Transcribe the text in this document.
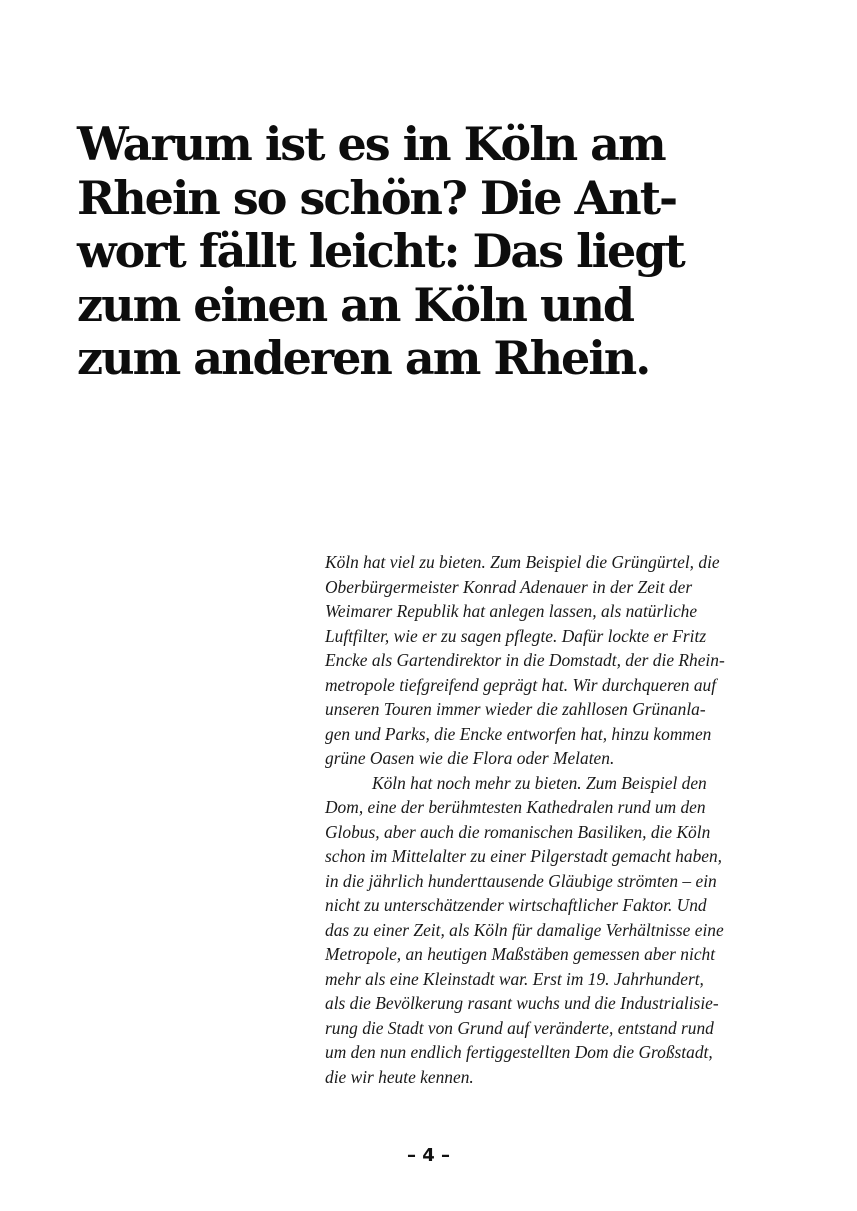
Warum ist es in Köln am
Rhein so schön? Die Ant-
wort fällt leicht: Das liegt
zum einen an Köln und
zum anderen am Rhein.
Köln hat viel zu bieten. Zum Beispiel die Grüngürtel, die
Oberbürgermeister Konrad Adenauer in der Zeit der
Weimarer Republik hat anlegen lassen, als natürliche
Luftfilter, wie er zu sagen pflegte. Dafür lockte er Fritz
Encke als Gartendirektor in die Domstadt, der die Rhein-
metropole tiefgreifend geprägt hat. Wir durchqueren auf
unseren Touren immer wieder die zahllosen Grünanla-
gen und Parks, die Encke entworfen hat, hinzu kommen
grüne Oasen wie die Flora oder Melaten.
Köln hat noch mehr zu bieten. Zum Beispiel den
Dom, eine der berühmtesten Kathedralen rund um den
Globus, aber auch die romanischen Basiliken, die Köln
schon im Mittelalter zu einer Pilgerstadt gemacht haben,
in die jährlich hunderttausende Gläubige strömten – ein
nicht zu unterschätzender wirtschaftlicher Faktor. Und
das zu einer Zeit, als Köln für damalige Verhältnisse eine
Metropole, an heutigen Maßstäben gemessen aber nicht
mehr als eine Kleinstadt war. Erst im 19. Jahrhundert,
als die Bevölkerung rasant wuchs und die Industrialisie-
rung die Stadt von Grund auf veränderte, entstand rund
um den nun endlich fertiggestellten Dom die Großstadt,
die wir heute kennen.
– 4 –
